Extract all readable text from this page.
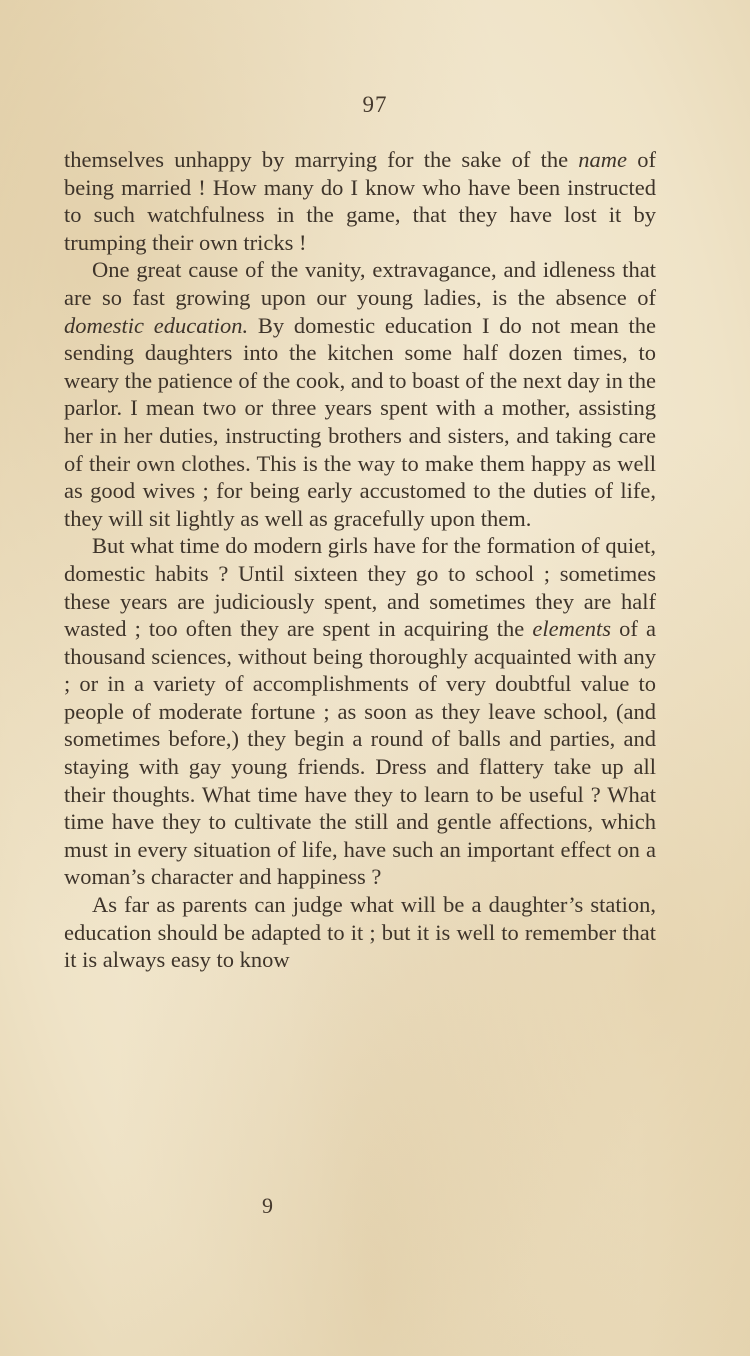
97

themselves unhappy by marrying for the sake of the name of being married ! How many do I know who have been instructed to such watchfulness in the game, that they have lost it by trumping their own tricks !

One great cause of the vanity, extravagance, and idleness that are so fast growing upon our young ladies, is the absence of domestic education. By domestic education I do not mean the sending daughters into the kitchen some half dozen times, to weary the patience of the cook, and to boast of the next day in the parlor. I mean two or three years spent with a mother, assisting her in her duties, instructing brothers and sisters, and taking care of their own clothes. This is the way to make them happy as well as good wives ; for being early accustomed to the duties of life, they will sit lightly as well as gracefully upon them.

But what time do modern girls have for the formation of quiet, domestic habits ? Until sixteen they go to school ; sometimes these years are judiciously spent, and sometimes they are half wasted ; too often they are spent in acquiring the elements of a thousand sciences, without being thoroughly acquainted with any ; or in a variety of accomplishments of very doubtful value to people of moderate fortune ; as soon as they leave school, (and sometimes before,) they begin a round of balls and parties, and staying with gay young friends. Dress and flattery take up all their thoughts. What time have they to learn to be useful ? What time have they to cultivate the still and gentle affections, which must in every situation of life, have such an important effect on a woman’s character and happiness ?

As far as parents can judge what will be a daughter’s station, education should be adapted to it ; but it is well to remember that it is always easy to know

9
